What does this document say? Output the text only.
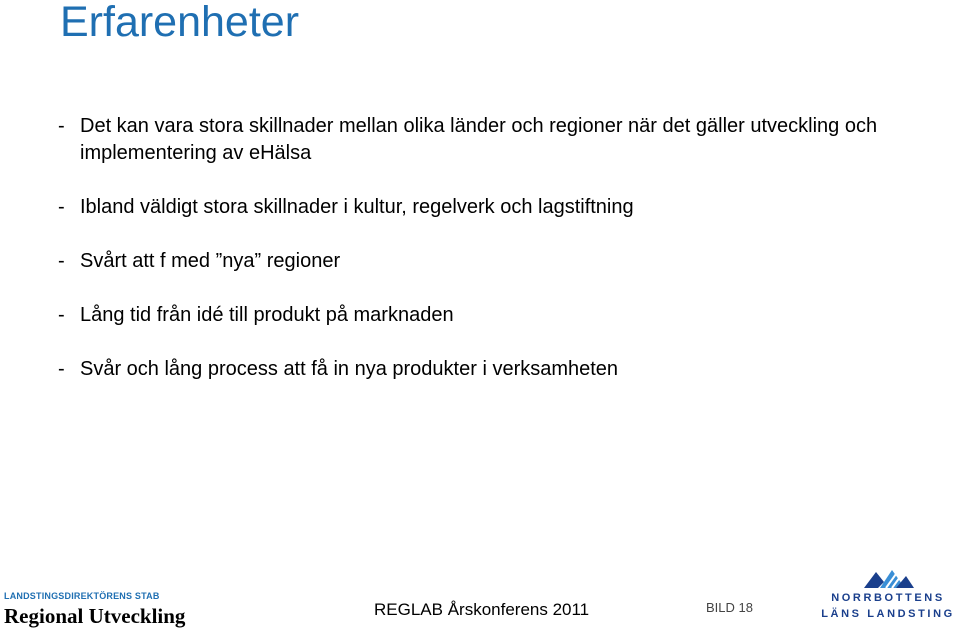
Erfarenheter
- Det kan vara stora skillnader mellan olika länder och regioner när det gäller utveckling och implementering av eHälsa
- Ibland väldigt stora skillnader i kultur, regelverk och lagstiftning
- Svårt att f med ”nya” regioner
- Lång tid från idé till produkt på marknaden
- Svår och lång process att få in nya produkter i verksamheten
LANDSTINGSDIREKTÖRENS STAB
Regional Utveckling	REGLAB Årskonferens 2011	BILD 18
NORRBOTTENS
LÄNS LANDSTING
